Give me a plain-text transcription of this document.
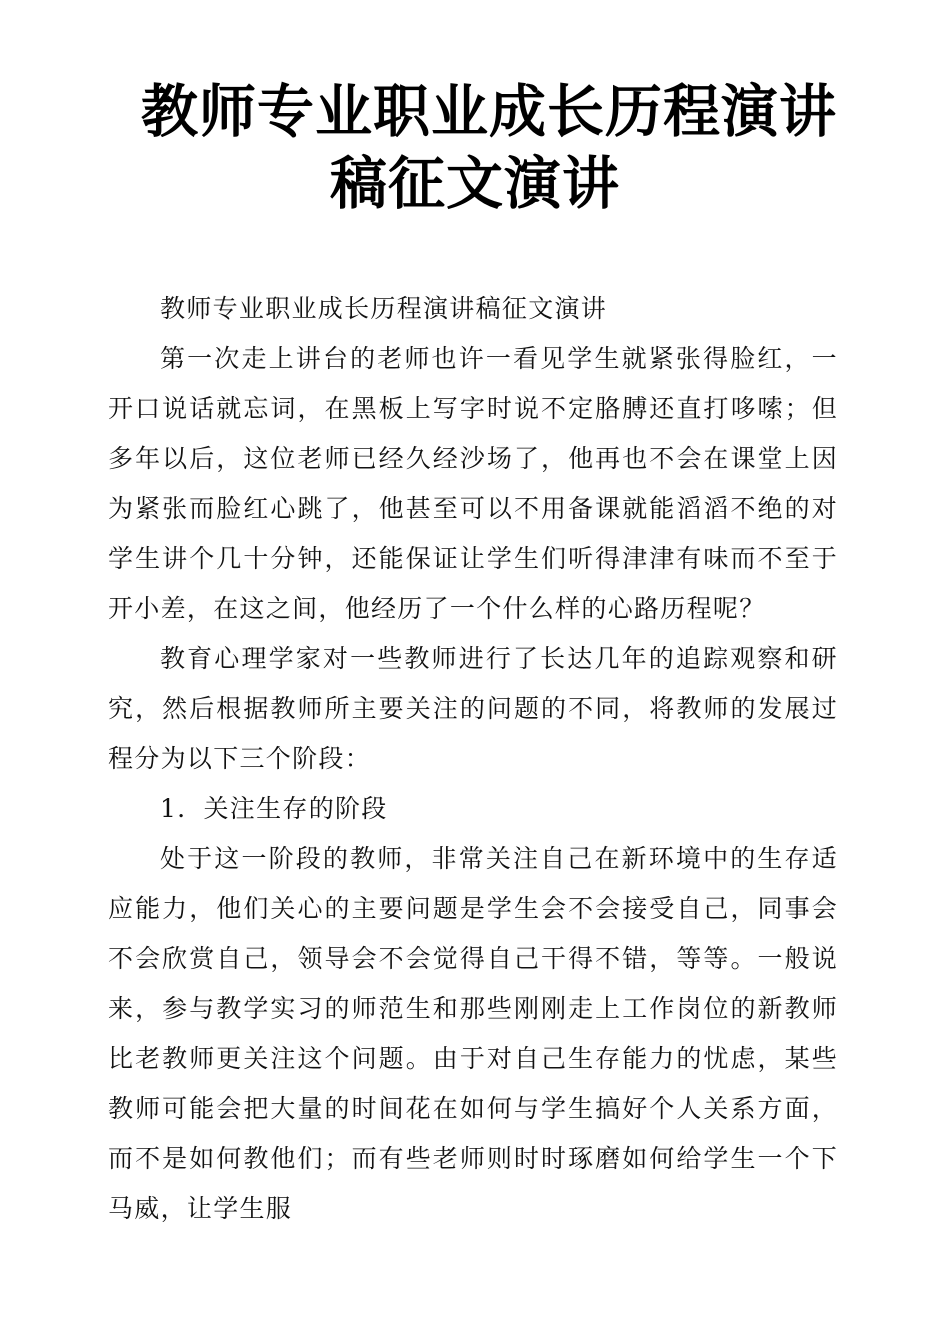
教师专业职业成长历程演讲
稿征文演讲

教师专业职业成长历程演讲稿征文演讲

第一次走上讲台的老师也许一看见学生就紧张得脸红，一开口说话就忘词，在黑板上写字时说不定胳膊还直打哆嗦；但多年以后，这位老师已经久经沙场了，他再也不会在课堂上因为紧张而脸红心跳了，他甚至可以不用备课就能滔滔不绝的对学生讲个几十分钟，还能保证让学生们听得津津有味而不至于开小差，在这之间，他经历了一个什么样的心路历程呢？

教育心理学家对一些教师进行了长达几年的追踪观察和研究，然后根据教师所主要关注的问题的不同，将教师的发展过程分为以下三个阶段：

1．关注生存的阶段

处于这一阶段的教师，非常关注自己在新环境中的生存适应能力，他们关心的主要问题是学生会不会接受自己，同事会不会欣赏自己，领导会不会觉得自己干得不错，等等。一般说来，参与教学实习的师范生和那些刚刚走上工作岗位的新教师比老教师更关注这个问题。由于对自己生存能力的忧虑，某些教师可能会把大量的时间花在如何与学生搞好个人关系方面，而不是如何教他们；而有些老师则时时琢磨如何给学生一个下马威，让学生服
